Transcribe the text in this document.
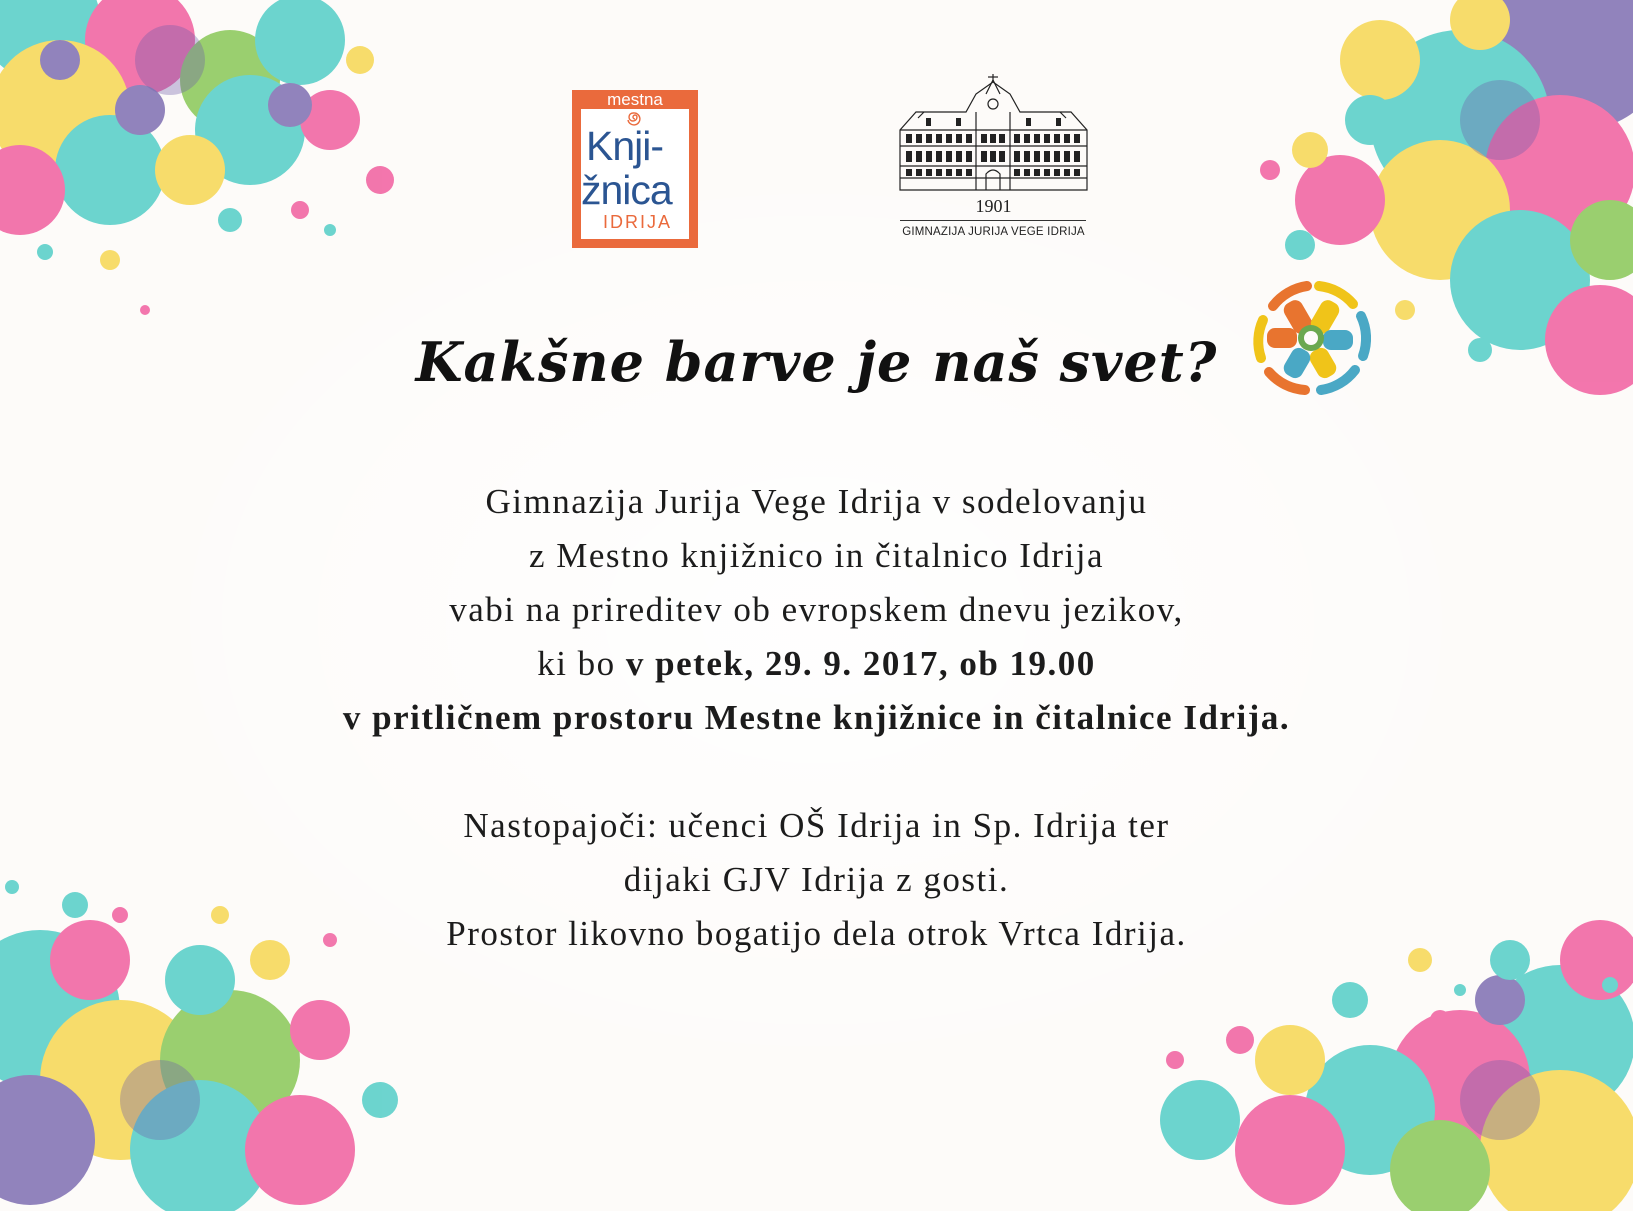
mestna
Knji-
žnica
IDRIJA
1901
GIMNAZIJA JURIJA VEGE IDRIJA
Kakšne barve je naš svet?
Gimnazija Jurija Vege Idrija v sodelovanju
z Mestno knjižnico in čitalnico Idrija
vabi na prireditev ob evropskem dnevu jezikov,
ki bo v petek, 29. 9. 2017, ob 19.00
v pritličnem prostoru Mestne knjižnice in čitalnice Idrija.
Nastopajoči: učenci OŠ Idrija in Sp. Idrija ter
dijaki GJV Idrija z gosti.
Prostor likovno bogatijo dela otrok Vrtca Idrija.
